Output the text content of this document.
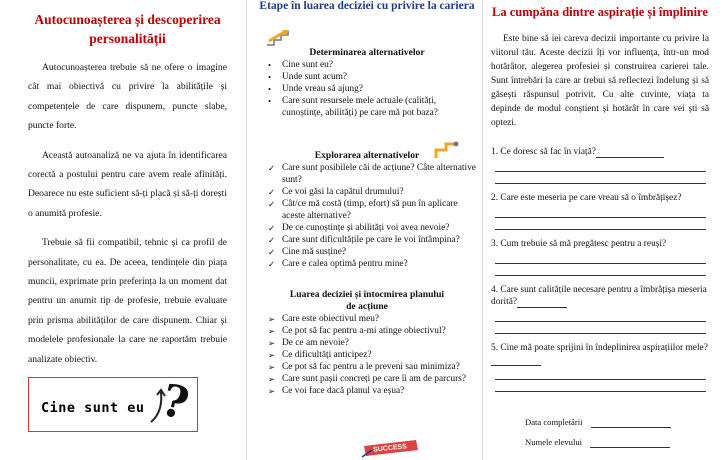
Autocunoașterea și descoperirea personalității

Autocunoașterea trebuie să ne ofere o imagine cât mai obiectivă cu privire la abilitățile și competențele de care dispunem, puncte slabe, puncte forte.

Această autoanaliză ne va ajuta în identificarea corectă a postului pentru care avem reale afinități. Deoarece nu este suficient să-ți placă și să-ți dorești o anumită profesie.

Trebuie să fii compatibil, tehnic și ca profil de personalitate, cu ea. De aceea, tendințele din piața muncii, exprimate prin preferința la un moment dat pentru un anumit tip de profesie, trebuie evaluate prin prisma abilităților de care dispunem. Chiar și modelele profesionale la care ne raportăm trebuie analizate obiectiv.

Cine sunt eu ?
Etape în luarea deciziei cu privire la cariera
Determinarea alternativelor
• Cine sunt eu?
• Unde sunt acum?
• Unde vreau să ajung?
• Care sunt resursele mele actuale (calități, cunoștințe, abilități) pe care mă pot baza?
Explorarea alternativelor
✓ Care sunt posibilele căi de acțiune? Câte alternative sunt?
✓ Ce voi găsi la capătul drumului?
✓ Cât/ce mă costă (timp, efort) să pun în aplicare aceste alternative?
✓ De ce cunoștințe și abilități voi avea nevoie?
✓ Care sunt dificultățile pe care le voi întâmpina?
✓ Cine mă susține?
✓ Care e calea optimă pentru mine?
Luarea deciziei și întocmirea planului de acțiune
➢ Care este obiectivul meu?
➢ Ce pot să fac pentru a-mi atinge obiectivul?
➢ De ce am nevoie?
➢ Ce dificultăți anticipez?
➢ Ce pot să fac pentru a le preveni sau minimiza?
➢ Care sunt pașii concreți pe care îi am de parcurs?
➢ Ce voi face dacă planul va eșua?
SUCCESS
La cumpăna dintre aspirație și împlinire

Este bine să iei careva decizii importante cu privire la viitorul tău. Aceste decizii îți vor influența, într-un mod hotărâtor, alegerea profesiei și construirea carierei tale. Sunt întrebări la care ar trebui să reflectezi îndelung și să găsești răspunsul potrivit. Cu alte cuvinte, viața ta depinde de modul conștient și hotărât în care vei ști să optezi.

1. Ce doresc să fac în viață?
2. Care este meseria pe care vreau să o îmbrățișez?
3. Cum trebuie să mă pregătesc pentru a reuși?
4. Care sunt calitățile necesare pentru a îmbrățișa meseria dorită?
5. Cine mă poate sprijini în îndeplinirea aspirațiilor mele?
Data completării
Numele elevului
